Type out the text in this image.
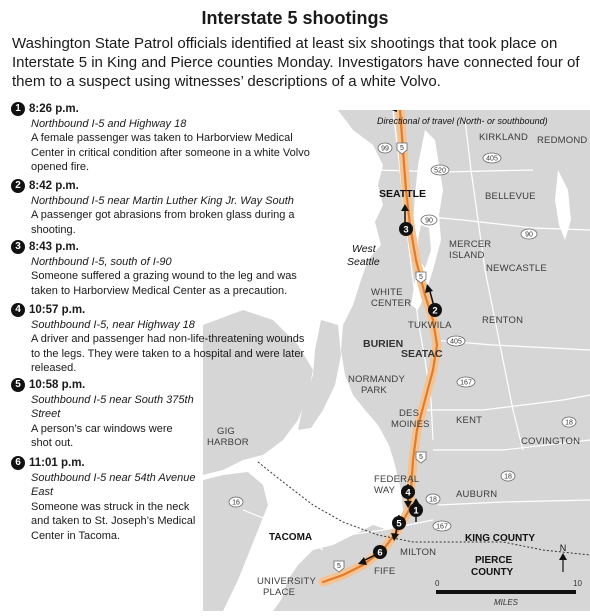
Interstate 5 shootings
Washington State Patrol officials identified at least six shootings that took place on Interstate 5 in King and Pierce counties Monday. Investigators have connected four of them to a suspect using witnesses’ descriptions of a white Volvo.
Directional of travel (North- or southbound)
KIRKLAND REDMOND
SEATTLE
West Seattle
BELLEVUE
MERCER ISLAND
NEWCASTLE
WHITE CENTER
TUKWILA	RENTON
BURIEN
SEATAC
NORMANDY PARK
DES MOINES	KENT
COVINGTON
GIG HARBOR
FEDERAL WAY	AUBURN
TACOMA
MILTON
FIFE
UNIVERSITY PLACE
KING COUNTY
PIERCE COUNTY
99 5
520
405
90
90
5
405
167
18
5
18
16
167
5
18
1
2
3
4
5
6	N
0	10
MILES
1 8:26 p.m.
Northbound I-5 and Highway 18
A female passenger was taken to Harborview Medical Center in critical condition after someone in a white Volvo opened fire.
2 8:42 p.m.
Northbound I-5 near Martin Luther King Jr. Way South
A passenger got abrasions from broken glass during a shooting.
3 8:43 p.m.
Northbound I-5, south of I-90
Someone suffered a grazing wound to the leg and was taken to Harborview Medical Center as a precaution.
4 10:57 p.m.
Southbound I-5, near Highway 18
A driver and passenger had non-life-threatening wounds to the legs. They were taken to a hospital and were later released.
5 10:58 p.m.
Southbound I-5 near South 375th Street
A person’s car windows were shot out.
6 11:01 p.m.
Southbound I-5 near 54th Avenue East
Someone was struck in the neck and taken to St. Joseph’s Medical Center in Tacoma.
